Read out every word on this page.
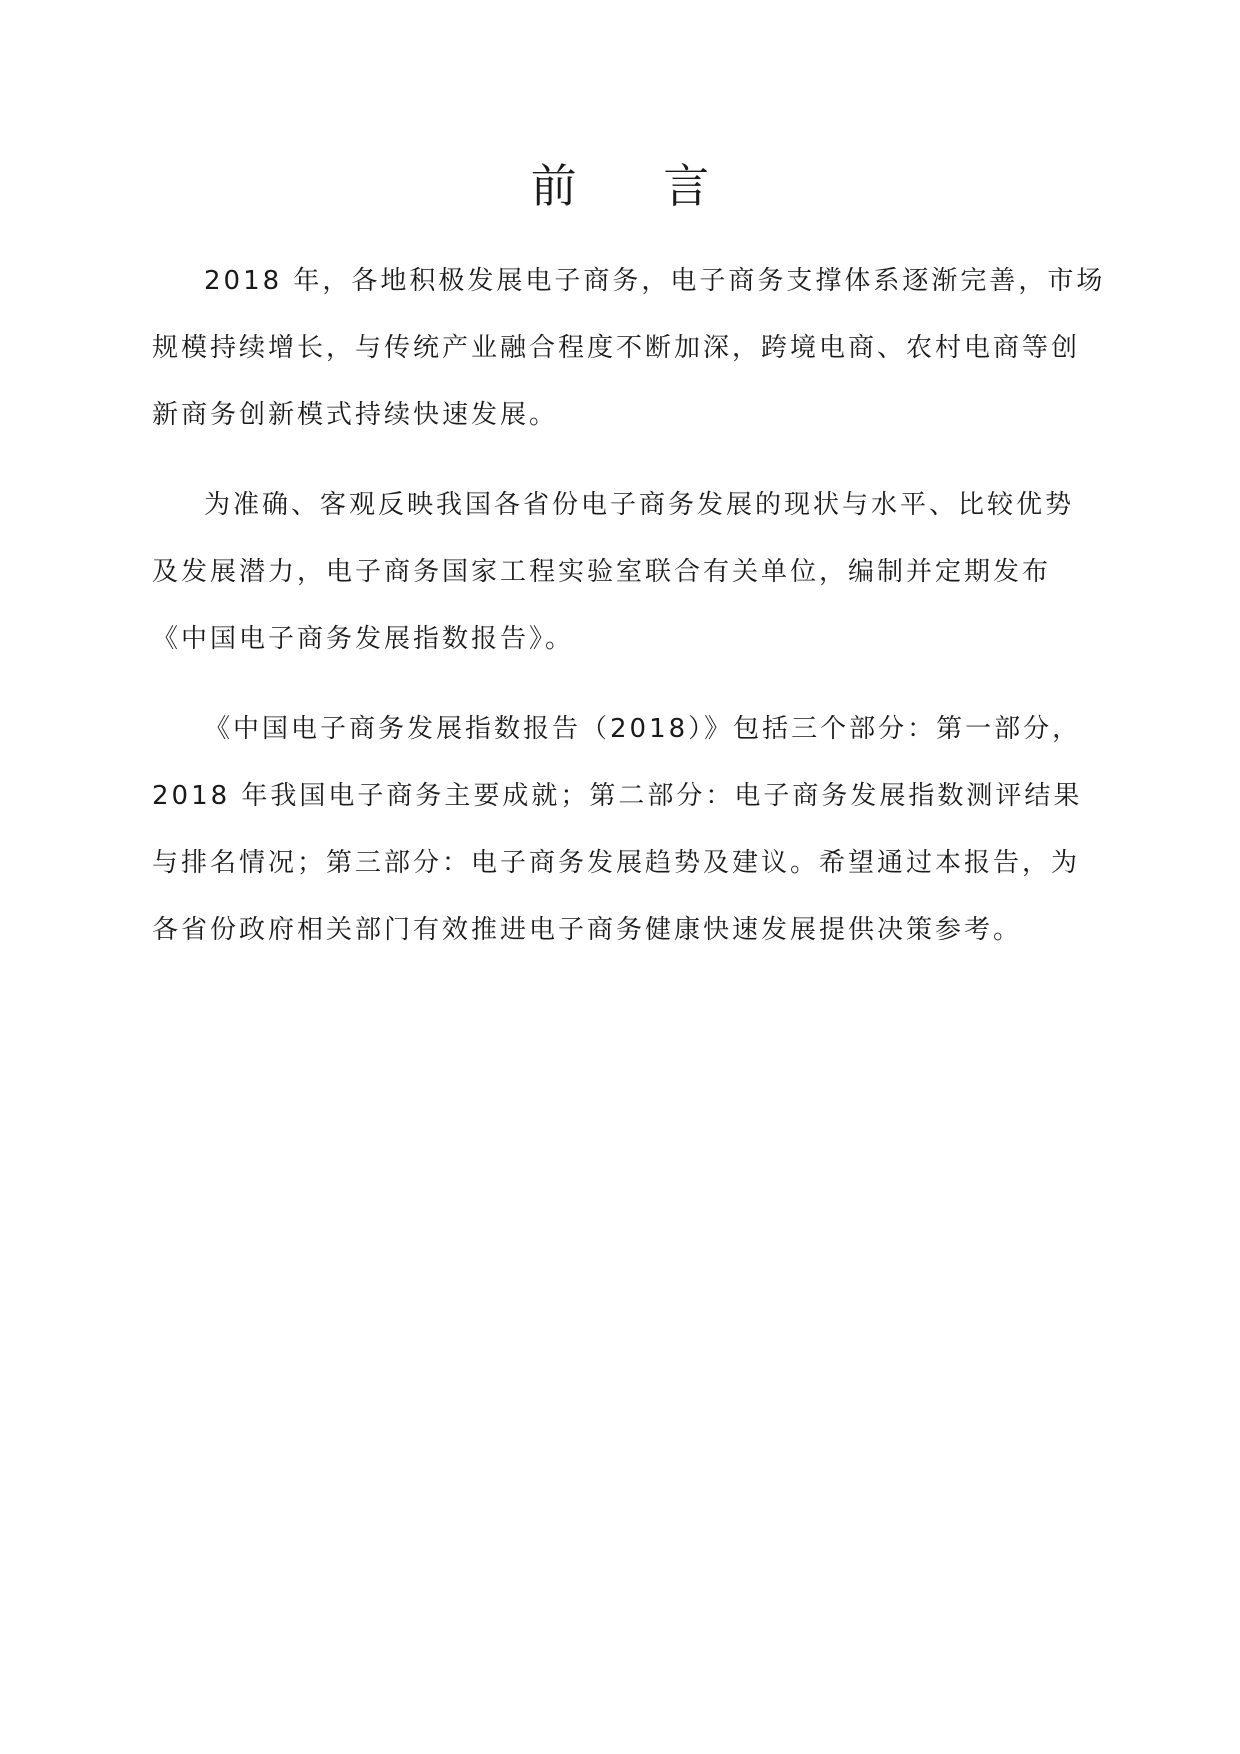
前 言

2018 年，各地积极发展电子商务，电子商务支撑体系逐渐完善，市场
规模持续增长，与传统产业融合程度不断加深，跨境电商、农村电商等创
新商务创新模式持续快速发展。

为准确、客观反映我国各省份电子商务发展的现状与水平、比较优势
及发展潜力，电子商务国家工程实验室联合有关单位，编制并定期发布
《中国电子商务发展指数报告》。

《中国电子商务发展指数报告（2018）》包括三个部分：第一部分，
2018 年我国电子商务主要成就；第二部分：电子商务发展指数测评结果
与排名情况；第三部分：电子商务发展趋势及建议。希望通过本报告，为
各省份政府相关部门有效推进电子商务健康快速发展提供决策参考。
